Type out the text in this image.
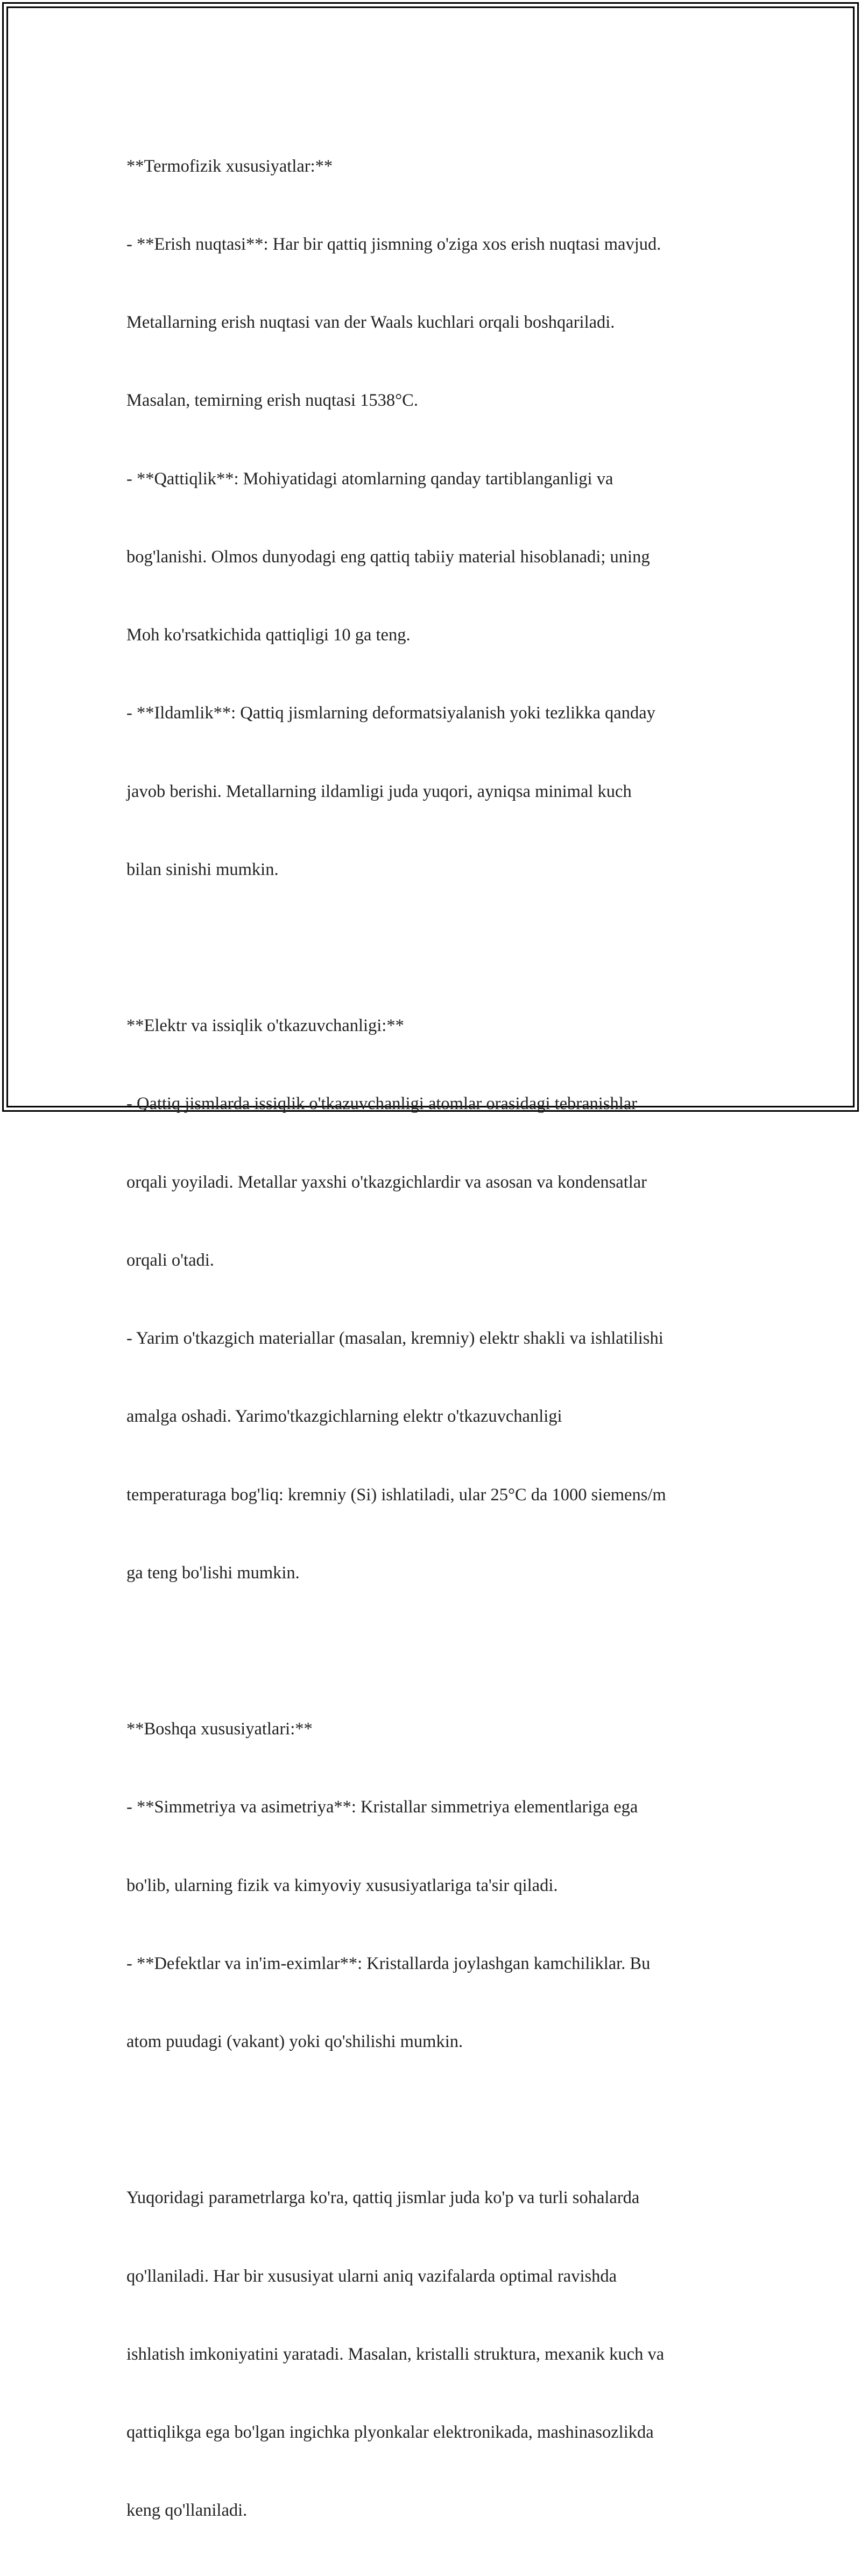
**Termofizik xususiyatlar:**

- **Erish nuqtasi**: Har bir qattiq jismning o'ziga xos erish nuqtasi mavjud.

Metallarning erish nuqtasi van der Waals kuchlari orqali boshqariladi.

Masalan, temirning erish nuqtasi 1538°C.

- **Qattiqlik**: Mohiyatidagi atomlarning qanday tartiblanganligi va

bog'lanishi. Olmos dunyodagi eng qattiq tabiiy material hisoblanadi; uning

Moh ko'rsatkichida qattiqligi 10 ga teng.

- **Ildamlik**: Qattiq jismlarning deformatsiyalanish yoki tezlikka qanday

javob berishi. Metallarning ildamligi juda yuqori, ayniqsa minimal kuch

bilan sinishi mumkin.

**Elektr va issiqlik o'tkazuvchanligi:**

- Qattiq jismlarda issiqlik o'tkazuvchanligi atomlar orasidagi tebranishlar

orqali yoyiladi. Metallar yaxshi o'tkazgichlardir va asosan va kondensatlar

orqali o'tadi.

- Yarim o'tkazgich materiallar (masalan, kremniy) elektr shakli va ishlatilishi

amalga oshadi. Yarimo'tkazgichlarning elektr o'tkazuvchanligi

temperaturaga bog'liq: kremniy (Si) ishlatiladi, ular 25°C da 1000 siemens/m

ga teng bo'lishi mumkin.

**Boshqa xususiyatlari:**

- **Simmetriya va asimetriya**: Kristallar simmetriya elementlariga ega

bo'lib, ularning fizik va kimyoviy xususiyatlariga ta'sir qiladi.

- **Defektlar va in'im-eximlar**: Kristallarda joylashgan kamchiliklar. Bu

atom puudagi (vakant) yoki qo'shilishi mumkin.

Yuqoridagi parametrlarga ko'ra, qattiq jismlar juda ko'p va turli sohalarda

qo'llaniladi. Har bir xususiyat ularni aniq vazifalarda optimal ravishda

ishlatish imkoniyatini yaratadi. Masalan, kristalli struktura, mexanik kuch va

qattiqlikga ega bo'lgan ingichka plyonkalar elektronikada, mashinasozlikda

keng qo'llaniladi.
